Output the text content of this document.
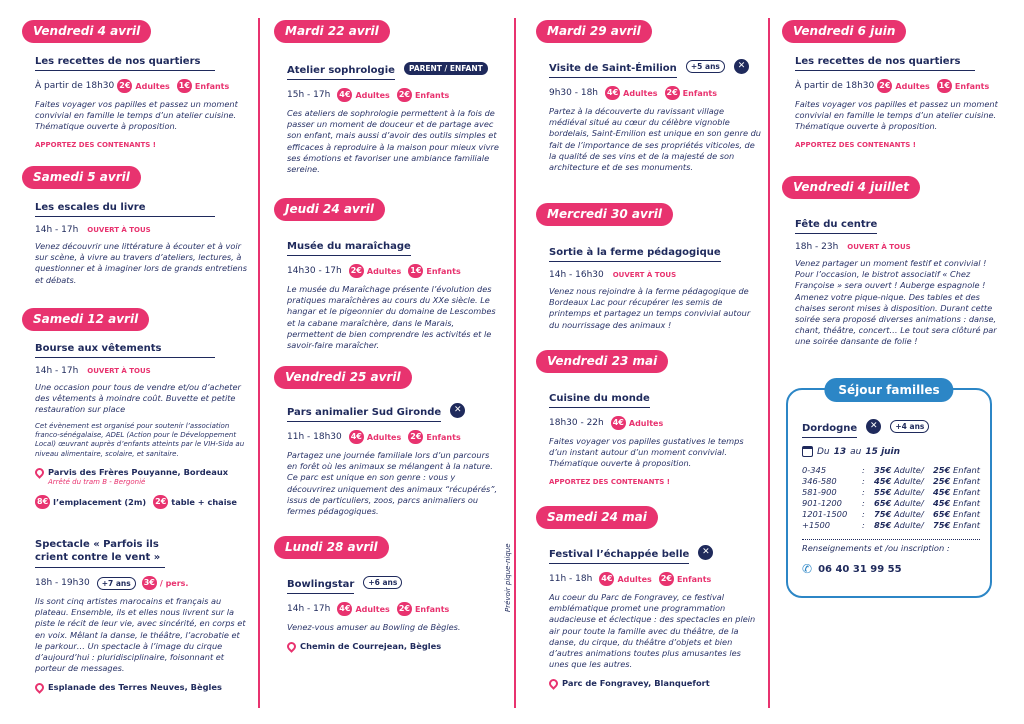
Vendredi 4 avril
Les recettes de nos quartiers
À partir de 18h30 2€ Adultes 1€ Enfants
Faites voyager vos papilles et passez un moment convivial en famille le temps d’un atelier cuisine. Thématique ouverte à proposition.
APPORTEZ DES CONTENANTS !
Samedi 5 avril
Les escales du livre
14h - 17h OUVERT À TOUS
Venez découvrir une littérature à écouter et à voir sur scène, à vivre au travers d’ateliers, lectures, à questionner et à imaginer lors de grands entretiens et débats.
Samedi 12 avril
Bourse aux vêtements
14h - 17h OUVERT À TOUS
Une occasion pour tous de vendre et/ou d’acheter des vêtements à moindre coût. Buvette et petite restauration sur place
Cet évènement est organisé pour soutenir l’association franco-sénégalaise, ADEL (Action pour le Développement Local) œuvrant auprès d’enfants atteints par le VIH-Sida au niveau alimentaire, scolaire, et sanitaire.
Parvis des Frères Pouyanne, Bordeaux
Arrêté du tram B - Bergonié
8€ l’emplacement (2m) 2€ table + chaise
Spectacle « Parfois ils crient contre le vent »
18h - 19h30	+7 ans	3€ / pers.
Ils sont cinq artistes marocains et français au plateau. Ensemble, ils et elles nous livrent sur la piste le récit de leur vie, avec sincérité, en corps et en voix. Mêlant la danse, le théâtre, l’acrobatie et le parkour… Un spectacle à l’image du cirque d’aujourd’hui : pluridisciplinaire, foisonnant et porteur de messages.
Esplanade des Terres Neuves, Bègles
Mardi 22 avril
Atelier sophrologie PARENT / ENFANT
15h - 17h 4€ Adultes 2€ Enfants
Ces ateliers de sophrologie permettent à la fois de passer un moment de douceur et de partage avec son enfant, mais aussi d’avoir des outils simples et efficaces à reproduire à la maison pour mieux vivre ses émotions et favoriser une ambiance familiale sereine.
Jeudi 24 avril
Musée du maraîchage
14h30 - 17h 2€ Adultes 1€ Enfants
Le musée du Maraîchage présente l’évolution des pratiques maraîchères au cours du XXe siècle. Le hangar et le pigeonnier du domaine de Lescombes et la cabane maraîchère, dans le Marais, permettent de bien comprendre les activités et le savoir-faire maraîcher.
Vendredi 25 avril
Pars animalier Sud Gironde ✕
11h - 18h30 4€ Adultes 2€ Enfants
Partagez une journée familiale lors d’un parcours en forêt où les animaux se mélangent à la nature. Ce parc est unique en son genre : vous y découvrirez uniquement des animaux “récupérés”, issus de particuliers, zoos, parcs animaliers ou fermes pédagogiques.
Lundi 28 avril
Bowlingstar +6 ans
14h - 17h 4€ Adultes 2€ Enfants
Venez-vous amuser au Bowling de Bègles.
Chemin de Courrejean, Bègles
Prévoir pique-nique
Mardi 29 avril
Visite de Saint-Émilion +5 ans ✕
9h30 - 18h 4€ Adultes 2€ Enfants
Partez à la découverte du ravissant village médiéval situé au cœur du célèbre vignoble bordelais, Saint-Emilion est unique en son genre du fait de l’importance de ses propriétés viticoles, de la qualité de ses vins et de la majesté de son architecture et de ses monuments.
Mercredi 30 avril
Sortie à la ferme pédagogique
14h - 16h30 OUVERT À TOUS
Venez nous rejoindre à la ferme pédagogique de Bordeaux Lac pour récupérer les semis de printemps et partagez un temps convivial autour du nourrissage des animaux !
Vendredi 23 mai
Cuisine du monde
18h30 - 22h 4€ Adultes
Faites voyager vos papilles gustatives le temps d’un instant autour d’un moment convivial. Thématique ouverte à proposition.
APPORTEZ DES CONTENANTS !
Samedi 24 mai
Festival l’échappée belle ✕
11h - 18h 4€ Adultes 2€ Enfants
Au coeur du Parc de Fongravey, ce festival emblématique promet une programmation audacieuse et éclectique : des spectacles en plein air pour toute la famille avec du théâtre, de la danse, du cirque, du théâtre d’objets et bien d’autres animations toutes plus amusantes les unes que les autres.
Parc de Fongravey, Blanquefort
Vendredi 6 juin
Les recettes de nos quartiers
À partir de 18h30 2€ Adultes 1€ Enfants
Faites voyager vos papilles et passez un moment convivial en famille le temps d’un atelier cuisine. Thématique ouverte à proposition.
APPORTEZ DES CONTENANTS !
Vendredi 4 juillet
Fête du centre
18h - 23h OUVERT À TOUS
Venez partager un moment festif et convivial ! Pour l’occasion, le bistrot associatif « Chez Françoise » sera ouvert ! Auberge espagnole ! Amenez votre pique-nique. Des tables et des chaises seront mises à disposition. Durant cette soirée sera proposé diverses animations : danse, chant, théâtre, concert… Le tout sera clôturé par une soirée dansante de folie !
Séjour familles
Dordogne ✕ +4 ans
Du 13 au 15 juin
0-345	:	35€ Adulte /	25€ Enfant
346-580	:	45€ Adulte /	25€ Enfant
581-900	:	55€ Adulte /	45€ Enfant
901-1200	:	65€ Adulte /	45€ Enfant
1201-1500	:	75€ Adulte /	65€ Enfant
+1500	:	85€ Adulte /	75€ Enfant
Renseignements et /ou inscription :
✆ 06 40 31 99 55
